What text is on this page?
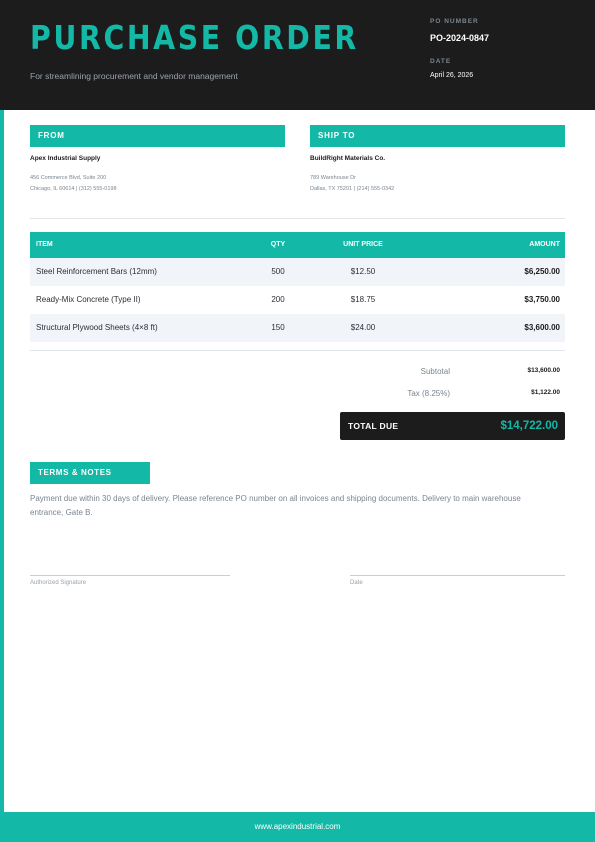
PURCHASE ORDER
For streamlining procurement and vendor management
PO NUMBER
PO-2024-0847
DATE
April 26, 2026
FROM	SHIP TO
Apex Industrial Supply
456 Commerce Blvd, Suite 200
Chicago, IL 60614 | (312) 555-0198
BuildRight Materials Co.
789 Warehouse Dr
Dallas, TX 75201 | (214) 555-0342
ITEM	QTY	UNIT PRICE	AMOUNT
Steel Reinforcement Bars (12mm)	500	$12.50	$6,250.00
Ready-Mix Concrete (Type II)	200	$18.75	$3,750.00
Structural Plywood Sheets (4×8 ft)	150	$24.00	$3,600.00
Subtotal	$13,600.00
Tax (8.25%)	$1,122.00
TOTAL DUE	$14,722.00
TERMS & NOTES
Payment due within 30 days of delivery. Please reference PO number on all invoices and shipping documents. Delivery to main warehouse entrance, Gate B.
Authorized Signature	Date
www.apexindustrial.com
